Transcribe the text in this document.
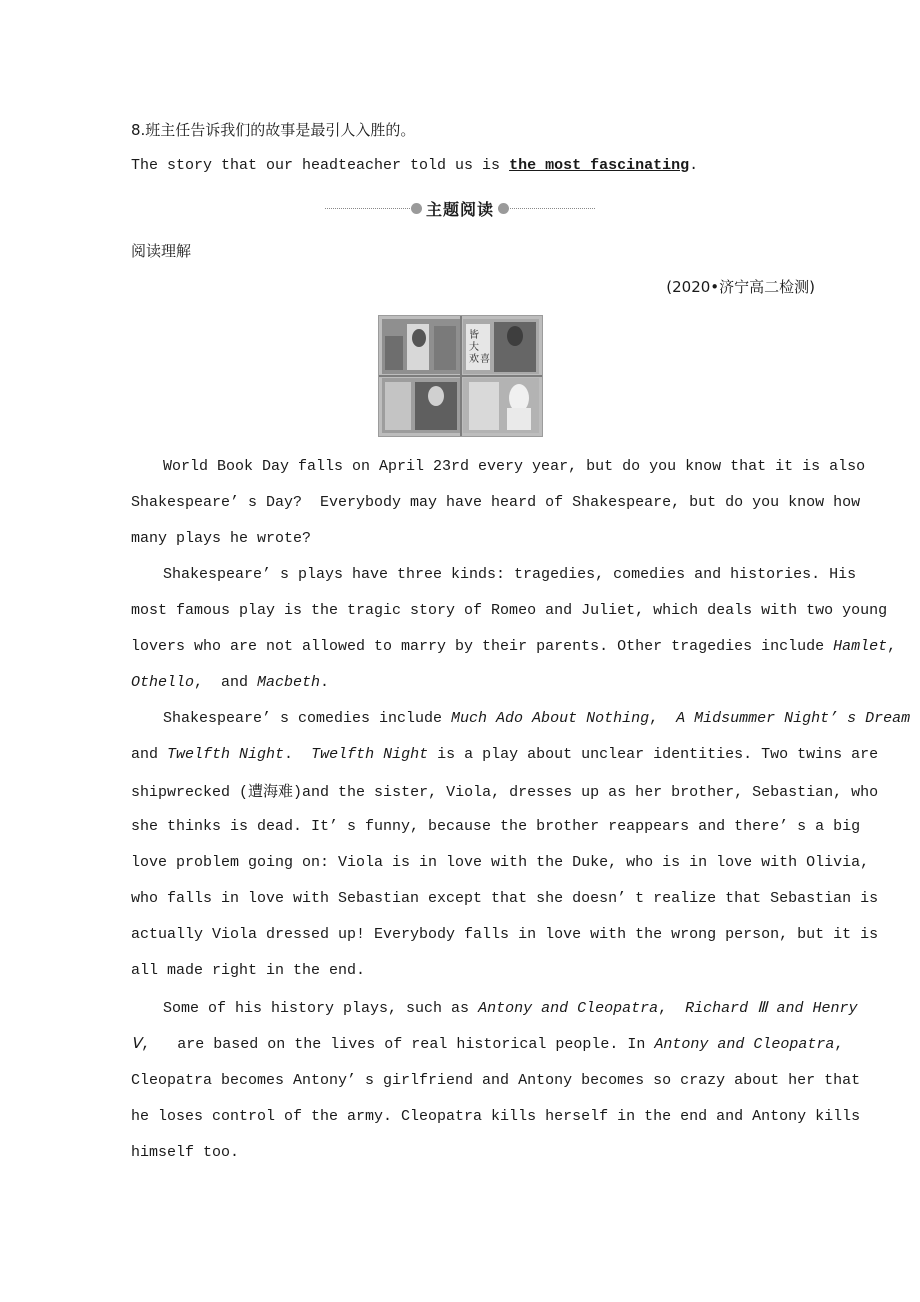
8.班主任告诉我们的故事是最引人入胜的。
The story that our headteacher told us is the most fascinating.
主题阅读
阅读理解
(2020•济宁高二检测)
皆
大
欢 喜
World Book Day falls on April 23rd every year, but do you know that it is also
Shakespeare’ s Day?  Everybody may have heard of Shakespeare, but do you know how
many plays he wrote?
Shakespeare’ s plays have three kinds: tragedies, comedies and histories. His
most famous play is the tragic story of Romeo and Juliet, which deals with two young
lovers who are not allowed to marry by their parents. Other tragedies include Hamlet,
Othello,  and Macbeth.
Shakespeare’ s comedies include Much Ado About Nothing,  A Midsummer Night’ s Dream
and Twelfth Night.  Twelfth Night is a play about unclear identities. Two twins are
shipwrecked (遭海难)and the sister, Viola, dresses up as her brother, Sebastian, who
she thinks is dead. It’ s funny, because the brother reappears and there’ s a big
love problem going on: Viola is in love with the Duke, who is in love with Olivia,
who falls in love with Sebastian except that she doesn’ t realize that Sebastian is
actually Viola dressed up! Everybody falls in love with the wrong person, but it is
all made right in the end.
Some of his history plays, such as Antony and Cleopatra,  Richard Ⅲ and Henry
Ⅴ,   are based on the lives of real historical people. In Antony and Cleopatra,
Cleopatra becomes Antony’ s girlfriend and Antony becomes so crazy about her that
he loses control of the army. Cleopatra kills herself in the end and Antony kills
himself too.
